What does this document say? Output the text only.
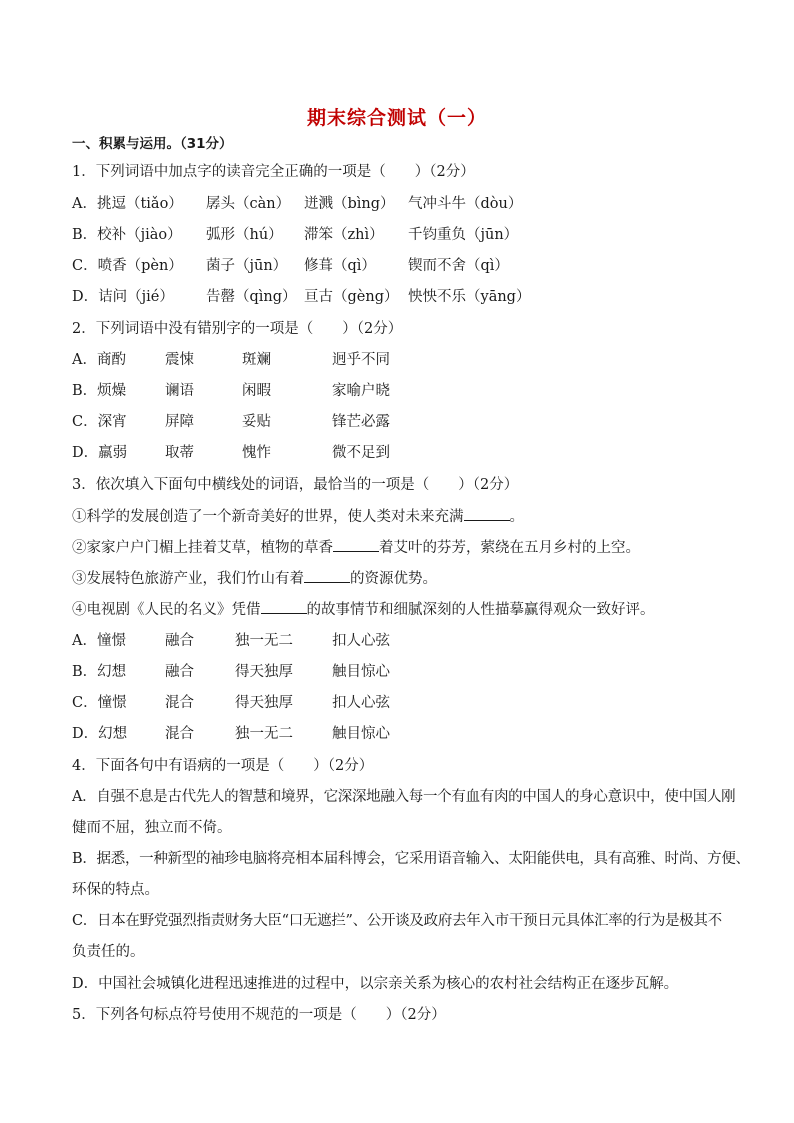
期末综合测试（一）
一、积累与运用。（31分）
1．下列词语中加点字的读音完全正确的一项是（　　）（2分）
A．挑逗（tiǎo） 孱头（càn） 迸溅（bìng） 气冲斗牛（dòu）
B．校补（jiào） 弧形（hú） 滞笨（zhì） 千钧重负（jūn）
C．喷香（pèn） 菌子（jūn） 修葺（qì） 锲而不舍（qì）
D．诘问（jié） 告罄（qìng） 亘古（gèng） 怏怏不乐（yāng）
2．下列词语中没有错别字的一项是（　　）（2分）
A．商酌	震悚	斑斓	迥乎不同
B．烦燥	谰语	闲暇	家喻户晓
C．深宵	屏障	妥贴	锋芒必露
D．羸弱	取蒂	愧怍	微不足到
3．依次填入下面句中横线处的词语，最恰当的一项是（　　）（2分）
①科学的发展创造了一个新奇美好的世界，使人类对未来充满	。
②家家户户门楣上挂着艾草，植物的草香	着艾叶的芬芳，萦绕在五月乡村的上空。
③发展特色旅游产业，我们竹山有着	的资源优势。
④电视剧《人民的名义》凭借	的故事情节和细腻深刻的人性描摹赢得观众一致好评。
A．憧憬	融合	独一无二	扣人心弦
B．幻想	融合	得天独厚	触目惊心
C．憧憬	混合	得天独厚	扣人心弦
D．幻想	混合	独一无二	触目惊心
4．下面各句中有语病的一项是（　　）（2分）
A．自强不息是古代先人的智慧和境界，它深深地融入每一个有血有肉的中国人的身心意识中，使中国人刚
健而不屈，独立而不倚。
B．据悉，一种新型的袖珍电脑将亮相本届科博会，它采用语音输入、太阳能供电，具有高雅、时尚、方便、
环保的特点。
C．日本在野党强烈指责财务大臣“口无遮拦”、公开谈及政府去年入市干预日元具体汇率的行为是极其不
负责任的。
D．中国社会城镇化进程迅速推进的过程中，以宗亲关系为核心的农村社会结构正在逐步瓦解。
5．下列各句标点符号使用不规范的一项是（　　）（2分）
